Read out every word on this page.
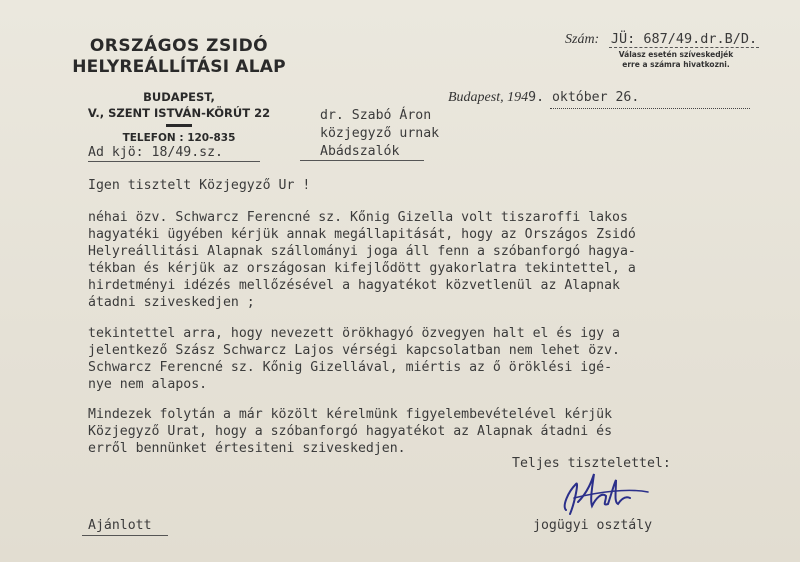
ORSZÁGOS ZSIDÓ
HELYREÁLLÍTÁSI ALAP
BUDAPEST,
V., SZENT ISTVÁN-KÖRÚT 22
TELEFON : 120-835
Szám: JÜ: 687/49.dr.B/D.
Válasz esetén szíveskedjék
erre a számra hivatkozni.
Budapest, 1949. október 26.
dr. Szabó Áron
közjegyző urnak
Abádszalók
Ad kjö: 18/49.sz.
Igen tisztelt Közjegyző Ur !
néhai özv. Schwarcz Ferencné sz. Kőnig Gizella volt tiszaroffi lakos
hagyatéki ügyében kérjük annak megállapitását, hogy az Országos Zsidó
Helyreállitási Alapnak szállományi joga áll fenn a szóbanforgó hagya-
tékban és kérjük az országosan kifejlődött gyakorlatra tekintettel, a
hirdetményi idézés mellőzésével a hagyatékot közvetlenül az Alapnak
átadni sziveskedjen ;
tekintettel arra, hogy nevezett örökhagyó özvegyen halt el és igy a
jelentkező Szász Schwarcz Lajos vérségi kapcsolatban nem lehet özv.
Schwarcz Ferencné sz. Kőnig Gizellával, miértis az ő öröklési igé-
nye nem alapos.
Mindezek folytán a már közölt kérelmünk figyelembevételével kérjük
Közjegyző Urat, hogy a szóbanforgó hagyatékot az Alapnak átadni és
erről bennünket értesiteni sziveskedjen.
Teljes tisztelettel:
jogügyi osztály
Ajánlott
